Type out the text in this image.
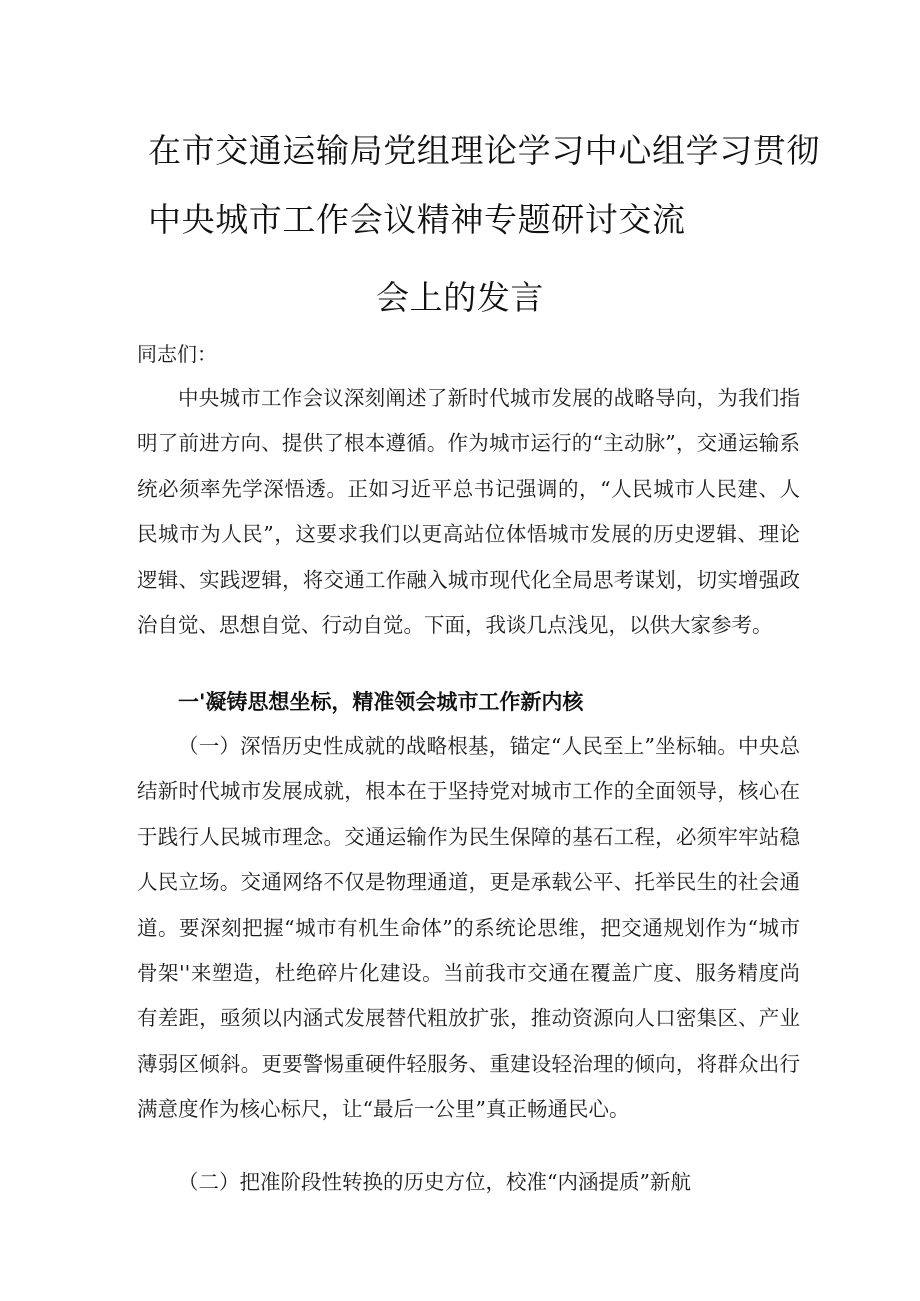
在市交通运输局党组理论学习中心组学习贯彻
中央城市工作会议精神专题研讨交流
会上的发言
同志们：

中央城市工作会议深刻阐述了新时代城市发展的战略导向，为我们指明了前进方向、提供了根本遵循。作为城市运行的“主动脉”，交通运输系统必须率先学深悟透。正如习近平总书记强调的，“人民城市人民建、人民城市为人民”，这要求我们以更高站位体悟城市发展的历史逻辑、理论逻辑、实践逻辑，将交通工作融入城市现代化全局思考谋划，切实增强政治自觉、思想自觉、行动自觉。下面，我谈几点浅见，以供大家参考。

一'凝铸思想坐标，精准领会城市工作新内核

（一）深悟历史性成就的战略根基，锚定“人民至上”坐标轴。中央总结新时代城市发展成就，根本在于坚持党对城市工作的全面领导，核心在于践行人民城市理念。交通运输作为民生保障的基石工程，必须牢牢站稳人民立场。交通网络不仅是物理通道，更是承载公平、托举民生的社会通道。要深刻把握“城市有机生命体”的系统论思维，把交通规划作为“城市骨架''来塑造，杜绝碎片化建设。当前我市交通在覆盖广度、服务精度尚有差距，亟须以内涵式发展替代粗放扩张，推动资源向人口密集区、产业薄弱区倾斜。更要警惕重硬件轻服务、重建设轻治理的倾向，将群众出行满意度作为核心标尺，让“最后一公里”真正畅通民心。

（二）把准阶段性转换的历史方位，校准“内涵提质”新航
